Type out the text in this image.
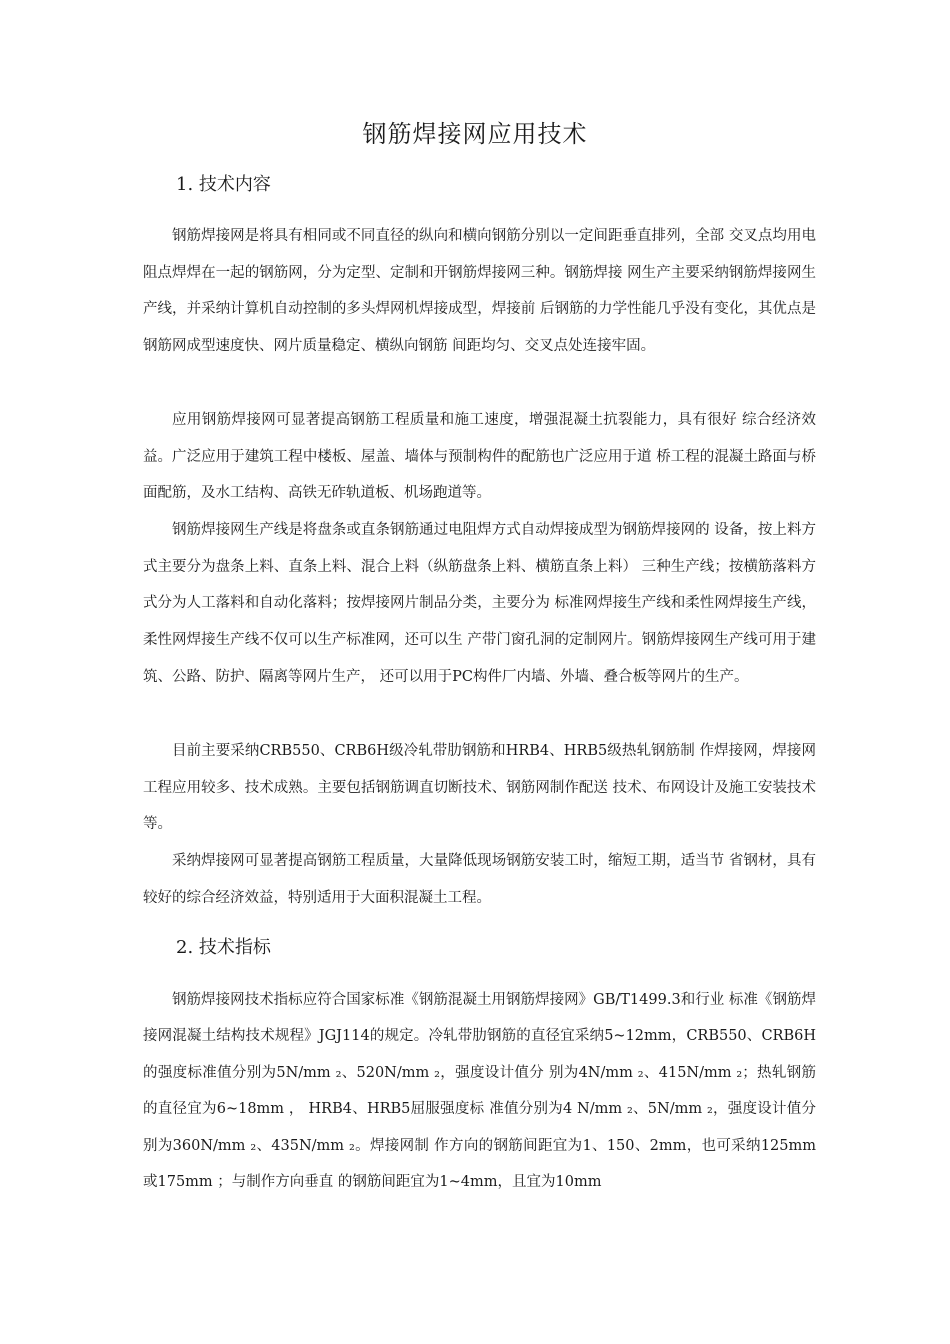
钢筋焊接网应用技术
1. 技术内容

钢筋焊接网是将具有相同或不同直径的纵向和横向钢筋分别以一定间距垂直排列，全部 交叉点均用电阻点焊焊在一起的钢筋网，分为定型、定制和开钢筋焊接网三种。钢筋焊接 网生产主要采纳钢筋焊接网生产线，并采纳计算机自动控制的多头焊网机焊接成型，焊接前 后钢筋的力学性能几乎没有变化，其优点是钢筋网成型速度快、网片质量稳定、横纵向钢筋 间距均匀、交叉点处连接牢固。

应用钢筋焊接网可显著提高钢筋工程质量和施工速度，增强混凝土抗裂能力，具有很好 综合经济效益。广泛应用于建筑工程中楼板、屋盖、墙体与预制构件的配筋也广泛应用于道 桥工程的混凝土路面与桥面配筋，及水工结构、高铁无砟轨道板、机场跑道等。

钢筋焊接网生产线是将盘条或直条钢筋通过电阻焊方式自动焊接成型为钢筋焊接网的 设备，按上料方式主要分为盘条上料、直条上料、混合上料（纵筋盘条上料、横筋直条上料） 三种生产线；按横筋落料方式分为人工落料和自动化落料；按焊接网片制品分类，主要分为 标准网焊接生产线和柔性网焊接生产线，柔性网焊接生产线不仅可以生产标准网，还可以生 产带门窗孔洞的定制网片。钢筋焊接网生产线可用于建筑、公路、防护、隔离等网片生产， 还可以用于PC构件厂内墙、外墙、叠合板等网片的生产。

目前主要采纳CRB550、CRB6H级冷轧带肋钢筋和HRB4、HRB5级热轧钢筋制 作焊接网，焊接网工程应用较多、技术成熟。主要包括钢筋调直切断技术、钢筋网制作配送 技术、布网设计及施工安装技术等。

采纳焊接网可显著提高钢筋工程质量，大量降低现场钢筋安装工时，缩短工期，适当节 省钢材，具有较好的综合经济效益，特别适用于大面积混凝土工程。

2. 技术指标

钢筋焊接网技术指标应符合国家标准《钢筋混凝土用钢筋焊接网》GB/T1499.3和行业 标准《钢筋焊接网混凝土结构技术规程》JGJ114的规定。冷轧带肋钢筋的直径宜采纳5~12mm，CRB550、CRB6H的强度标准值分别为5N/mm ₂、520N/mm ₂，强度设计值分 别为4N/mm ₂、415N/mm ₂；热轧钢筋的直径宜为6~18mm ， HRB4、HRB5屈服强度标 准值分别为4 N/mm ₂、5N/mm ₂，强度设计值分别为360N/mm ₂、435N/mm ₂。焊接网制 作方向的钢筋间距宜为1、150、2mm，也可采纳125mm或175mm ；与制作方向垂直 的钢筋间距宜为1~4mm，且宜为10mm
